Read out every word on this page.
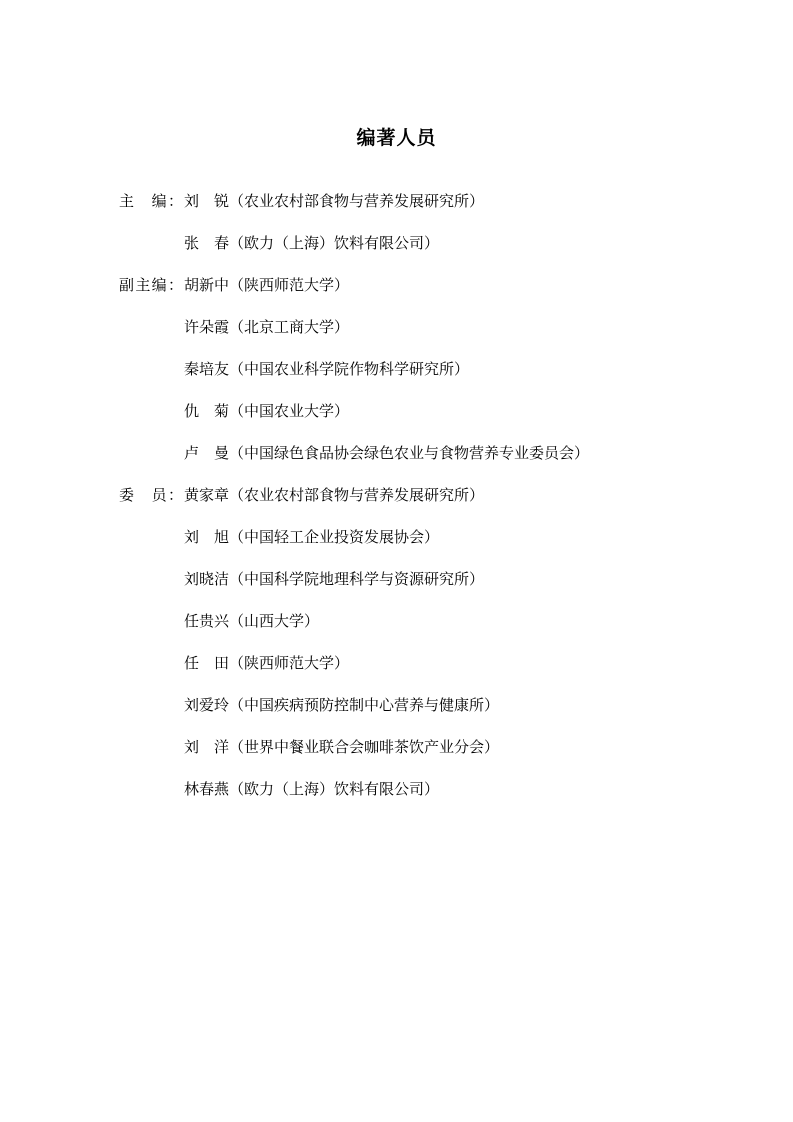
编著人员
主　编： 刘　锐（农业农村部食物与营养发展研究所）
张　春（欧力（上海）饮料有限公司）
副主编： 胡新中（陕西师范大学）
许朵霞（北京工商大学）
秦培友（中国农业科学院作物科学研究所）
仇　菊（中国农业大学）
卢　曼（中国绿色食品协会绿色农业与食物营养专业委员会）
委　员： 黄家章（农业农村部食物与营养发展研究所）
刘　旭（中国轻工企业投资发展协会）
刘晓洁（中国科学院地理科学与资源研究所）
任贵兴（山西大学）
任　田（陕西师范大学）
刘爱玲（中国疾病预防控制中心营养与健康所）
刘　洋（世界中餐业联合会咖啡茶饮产业分会）
林春燕（欧力（上海）饮料有限公司）
